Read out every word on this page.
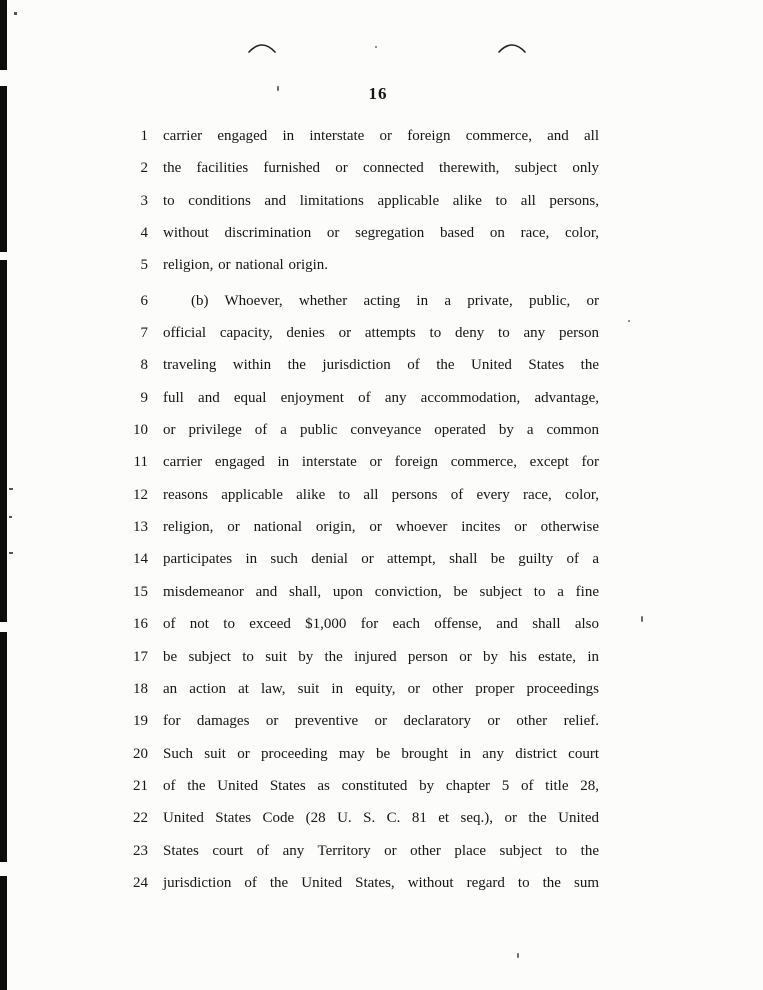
16
1 carrier engaged in interstate or foreign commerce, and all
2 the facilities furnished or connected therewith, subject only
3 to conditions and limitations applicable alike to all persons,
4 without discrimination or segregation based on race, color,
5 religion, or national origin.
6	(b) Whoever, whether acting in a private, public, or
7 official capacity, denies or attempts to deny to any person
8 traveling within the jurisdiction of the United States the
9 full and equal enjoyment of any accommodation, advantage,
10 or privilege of a public conveyance operated by a common
11 carrier engaged in interstate or foreign commerce, except for
12 reasons applicable alike to all persons of every race, color,
13 religion, or national origin, or whoever incites or otherwise
14 participates in such denial or attempt, shall be guilty of a
15 misdemeanor and shall, upon conviction, be subject to a fine
16 of not to exceed $1,000 for each offense, and shall also
17 be subject to suit by the injured person or by his estate, in
18 an action at law, suit in equity, or other proper proceedings
19 for damages or preventive or declaratory or other relief.
20 Such suit or proceeding may be brought in any district court
21 of the United States as constituted by chapter 5 of title 28,
22 United States Code (28 U. S. C. 81 et seq.), or the United
23 States court of any Territory or other place subject to the
24 jurisdiction of the United States, without regard to the sum
